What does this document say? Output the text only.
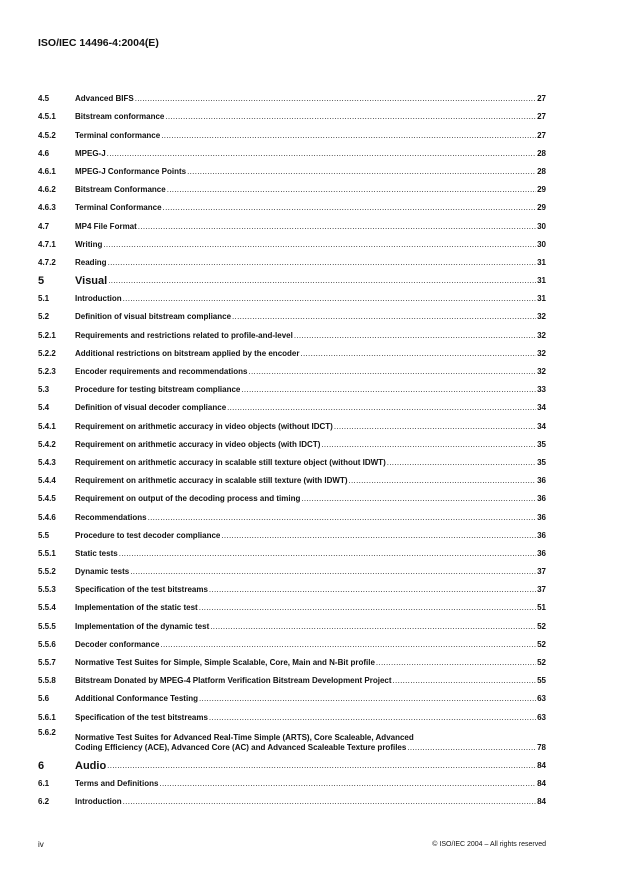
ISO/IEC 14496-4:2004(E)
4.5	Advanced BIFS .....	27
4.5.1	Bitstream conformance .....	27
4.5.2	Terminal conformance .....	27
4.6	MPEG-J .....	28
4.6.1	MPEG-J Conformance Points .....	28
4.6.2	Bitstream Conformance .....	29
4.6.3	Terminal Conformance .....	29
4.7	MP4 File Format .....	30
4.7.1	Writing .....	30
4.7.2	Reading .....	31
5	Visual .....	31
5.1	Introduction .....	31
5.2	Definition of visual bitstream compliance .....	32
5.2.1	Requirements and restrictions related to profile-and-level .....	32
5.2.2	Additional restrictions on bitstream applied by the encoder .....	32
5.2.3	Encoder requirements and recommendations .....	32
5.3	Procedure for testing bitstream compliance .....	33
5.4	Definition of visual decoder compliance .....	34
5.4.1	Requirement on arithmetic accuracy in video objects (without IDCT) .....	34
5.4.2	Requirement on arithmetic accuracy in video objects (with IDCT) .....	35
5.4.3	Requirement on arithmetic accuracy in scalable still texture object (without IDWT) .....	35
5.4.4	Requirement on arithmetic accuracy in scalable still texture (with IDWT) .....	36
5.4.5	Requirement on output of the decoding process and timing .....	36
5.4.6	Recommendations .....	36
5.5	Procedure to test decoder compliance .....	36
5.5.1	Static tests .....	36
5.5.2	Dynamic tests .....	37
5.5.3	Specification of the test bitstreams .....	37
5.5.4	Implementation of the static test .....	51
5.5.5	Implementation of the dynamic test .....	52
5.5.6	Decoder conformance .....	52
5.5.7	Normative Test Suites for Simple, Simple Scalable, Core, Main and N-Bit profile .....	52
5.5.8	Bitstream Donated by MPEG-4 Platform Verification Bitstream Development Project .....	55
5.6	Additional Conformance Testing .....	63
5.6.1	Specification of the test bitstreams .....	63
5.6.2
Normative Test Suites for Advanced Real-Time Simple (ARTS), Core Scaleable, Advanced
Coding Efficiency (ACE), Advanced Core (AC) and Advanced Scaleable Texture profiles .....	78
6	Audio .....	84
6.1	Terms and Definitions .....	84
6.2	Introduction .....	84
iv	© ISO/IEC 2004 – All rights reserved
